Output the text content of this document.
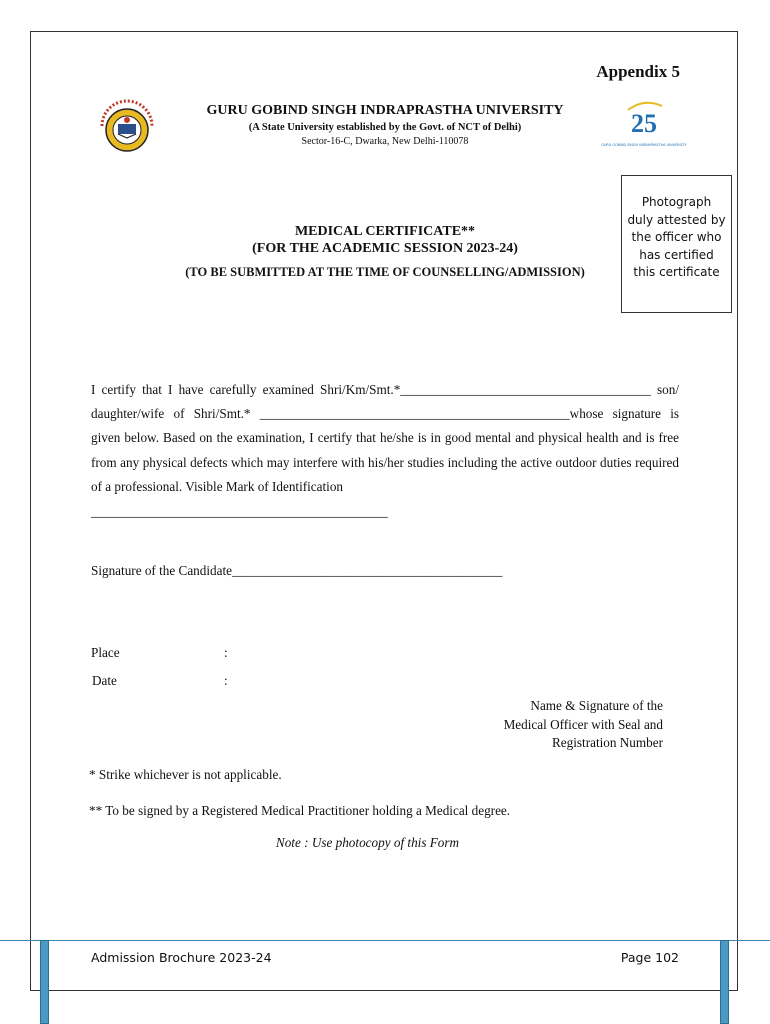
Appendix 5
GURU GOBIND SINGH INDRAPRASTHA UNIVERSITY
(A State University established by the Govt. of NCT of Delhi)
Sector-16-C, Dwarka, New Delhi-110078
25
GURU GOBIND SINGH INDRAPRASTHA UNIVERSITY
Photograph
duly attested by
the officer who
has certified
this certificate
MEDICAL CERTIFICATE**
(FOR THE ACADEMIC SESSION 2023-24)
(TO BE SUBMITTED AT THE TIME OF COUNSELLING/ADMISSION)

I certify that I have carefully examined Shri/Km/Smt.*______________________________________ son/ daughter/wife of Shri/Smt.* _______________________________________________whose signature is given below. Based on the examination, I certify that he/she is in good mental and physical health and is free from any physical defects which may interfere with his/her studies including the active outdoor duties required of a professional. Visible Mark of Identification

_____________________________________________
Signature of the Candidate_________________________________________
Place	:
Date	:
Name & Signature of the
Medical Officer with Seal and
Registration Number
* Strike whichever is not applicable.
** To be signed by a Registered Medical Practitioner holding a Medical degree.
Note : Use photocopy of this Form
Admission Brochure 2023-24	Page 102
